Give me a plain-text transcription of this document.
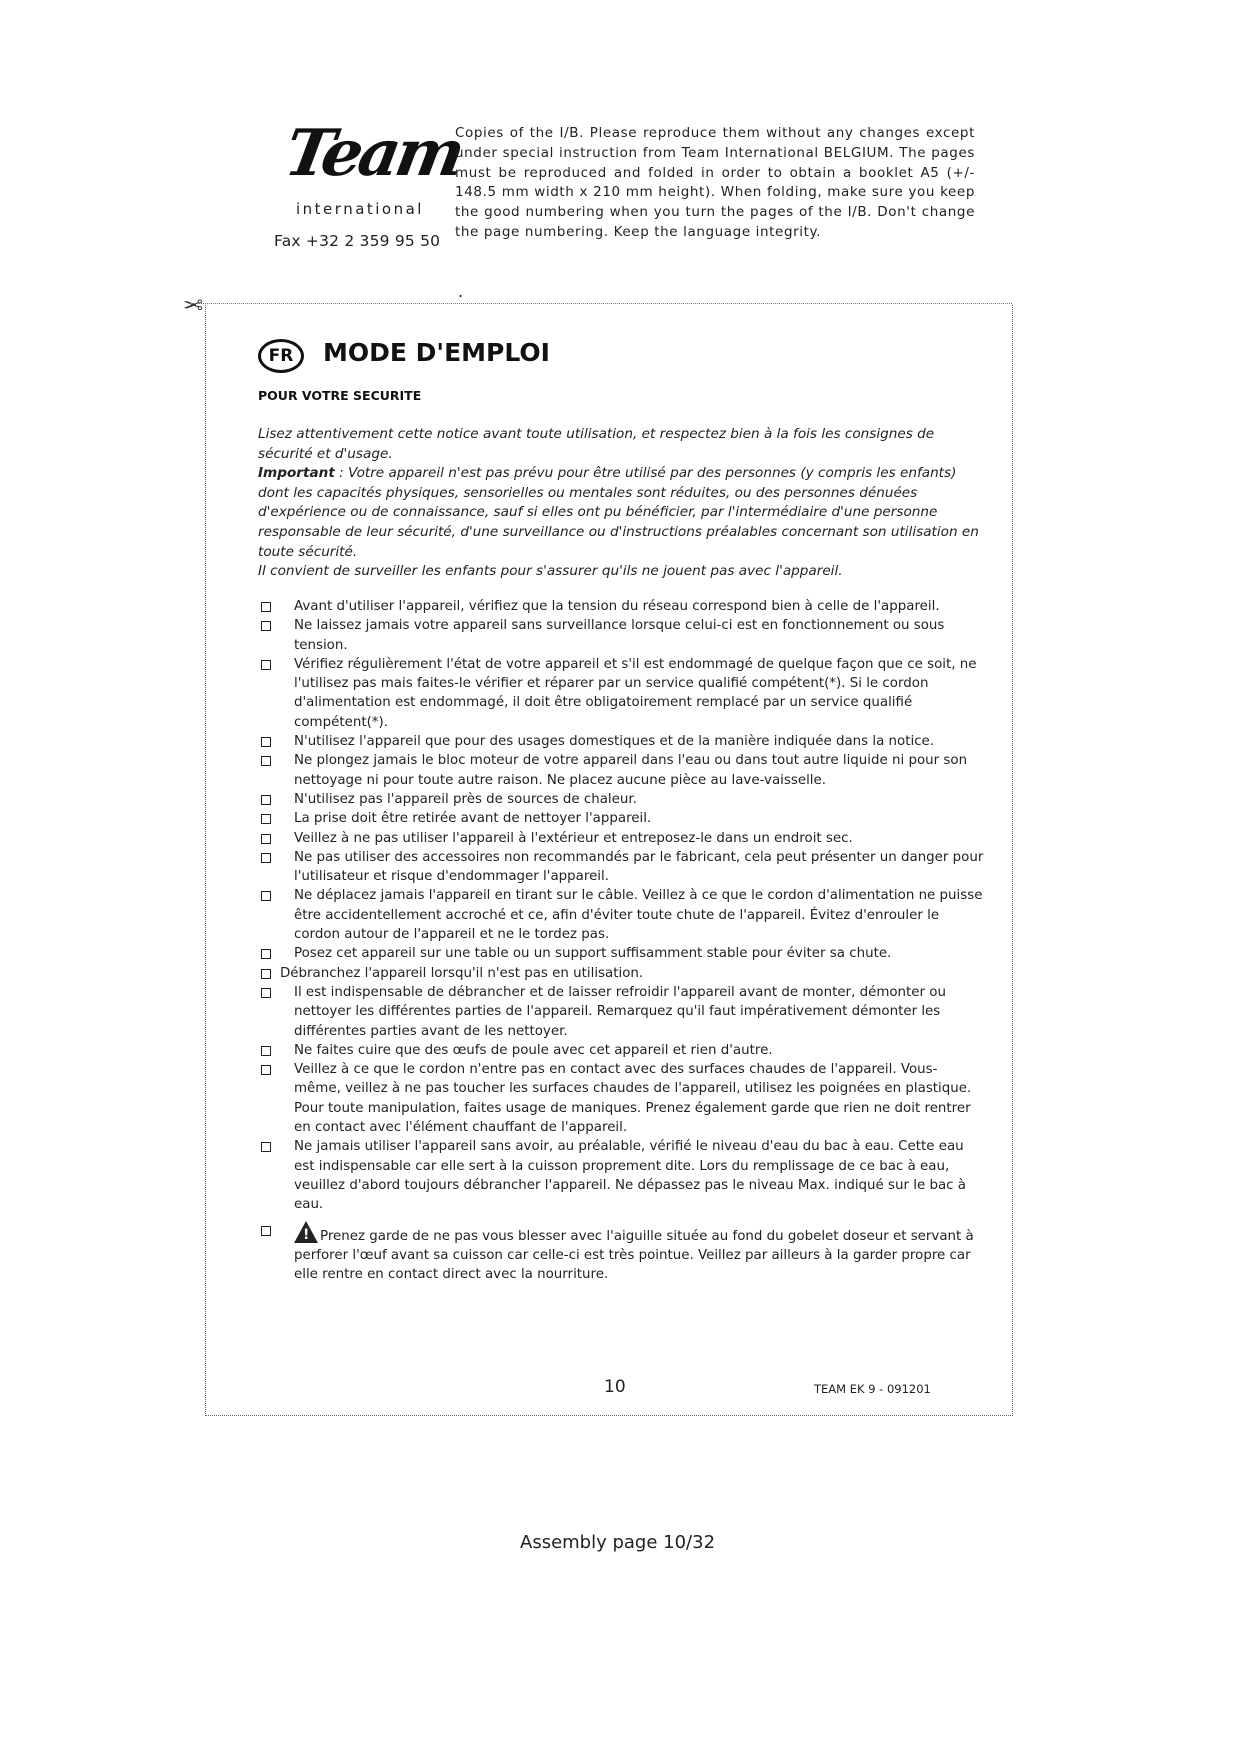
Team
international
Fax +32 2 359 95 50
Copies of the I/B. Please reproduce them without any changes except under special instruction from Team International BELGIUM. The pages must be reproduced and folded in order to obtain a booklet A5 (+/- 148.5 mm width x 210 mm height). When folding, make sure you keep the good numbering when you turn the pages of the I/B. Don't change the page numbering. Keep the language integrity.
.
✂
FR	MODE D'EMPLOI
POUR VOTRE SECURITE

Lisez attentivement cette notice avant toute utilisation, et respectez bien à la fois les consignes de sécurité et d'usage.

Important : Votre appareil n'est pas prévu pour être utilisé par des personnes (y compris les enfants) dont les capacités physiques, sensorielles ou mentales sont réduites, ou des personnes dénuées d'expérience ou de connaissance, sauf si elles ont pu bénéficier, par l'intermédiaire d'une personne responsable de leur sécurité, d'une surveillance ou d'instructions préalables concernant son utilisation en toute sécurité.

Il convient de surveiller les enfants pour s'assurer qu'ils ne jouent pas avec l'appareil.

Avant d'utiliser l'appareil, vérifiez que la tension du réseau correspond bien à celle de l'appareil.
Ne laissez jamais votre appareil sans surveillance lorsque celui-ci est en fonctionnement ou sous tension.
Vérifiez régulièrement l'état de votre appareil et s'il est endommagé de quelque façon que ce soit, ne l'utilisez pas mais faites-le vérifier et réparer par un service qualifié compétent(*). Si le cordon d'alimentation est endommagé, il doit être obligatoirement remplacé par un service qualifié compétent(*).
N'utilisez l'appareil que pour des usages domestiques et de la manière indiquée dans la notice.
Ne plongez jamais le bloc moteur de votre appareil dans l'eau ou dans tout autre liquide ni pour son nettoyage ni pour toute autre raison. Ne placez aucune pièce au lave-vaisselle.
N'utilisez pas l'appareil près de sources de chaleur.
La prise doit être retirée avant de nettoyer l'appareil.
Veillez à ne pas utiliser l'appareil à l'extérieur et entreposez-le dans un endroit sec.
Ne pas utiliser des accessoires non recommandés par le fabricant, cela peut présenter un danger pour l'utilisateur et risque d'endommager l'appareil.
Ne déplacez jamais l'appareil en tirant sur le câble. Veillez à ce que le cordon d'alimentation ne puisse être accidentellement accroché et ce, afin d'éviter toute chute de l'appareil. Évitez d'enrouler le cordon autour de l'appareil et ne le tordez pas.
Posez cet appareil sur une table ou un support suffisamment stable pour éviter sa chute.
Débranchez l'appareil lorsqu'il n'est pas en utilisation.
Il est indispensable de débrancher et de laisser refroidir l'appareil avant de monter, démonter ou nettoyer les différentes parties de l'appareil. Remarquez qu'il faut impérativement démonter les différentes parties avant de les nettoyer.
Ne faites cuire que des œufs de poule avec cet appareil et rien d'autre.
Veillez à ce que le cordon n'entre pas en contact avec des surfaces chaudes de l'appareil. Vous-même, veillez à ne pas toucher les surfaces chaudes de l'appareil, utilisez les poignées en plastique. Pour toute manipulation, faites usage de maniques. Prenez également garde que rien ne doit rentrer en contact avec l'élément chauffant de l'appareil.
Ne jamais utiliser l'appareil sans avoir, au préalable, vérifié le niveau d'eau du bac à eau. Cette eau est indispensable car elle sert à la cuisson proprement dite. Lors du remplissage de ce bac à eau, veuillez d'abord toujours débrancher l'appareil. Ne dépassez pas le niveau Max. indiqué sur le bac à eau.
!Prenez garde de ne pas vous blesser avec l'aiguille située au fond du gobelet doseur et servant à perforer l'œuf avant sa cuisson car celle-ci est très pointue. Veillez par ailleurs à la garder propre car elle rentre en contact direct avec la nourriture.
10	TEAM EK 9 - 091201
Assembly page 10/32
